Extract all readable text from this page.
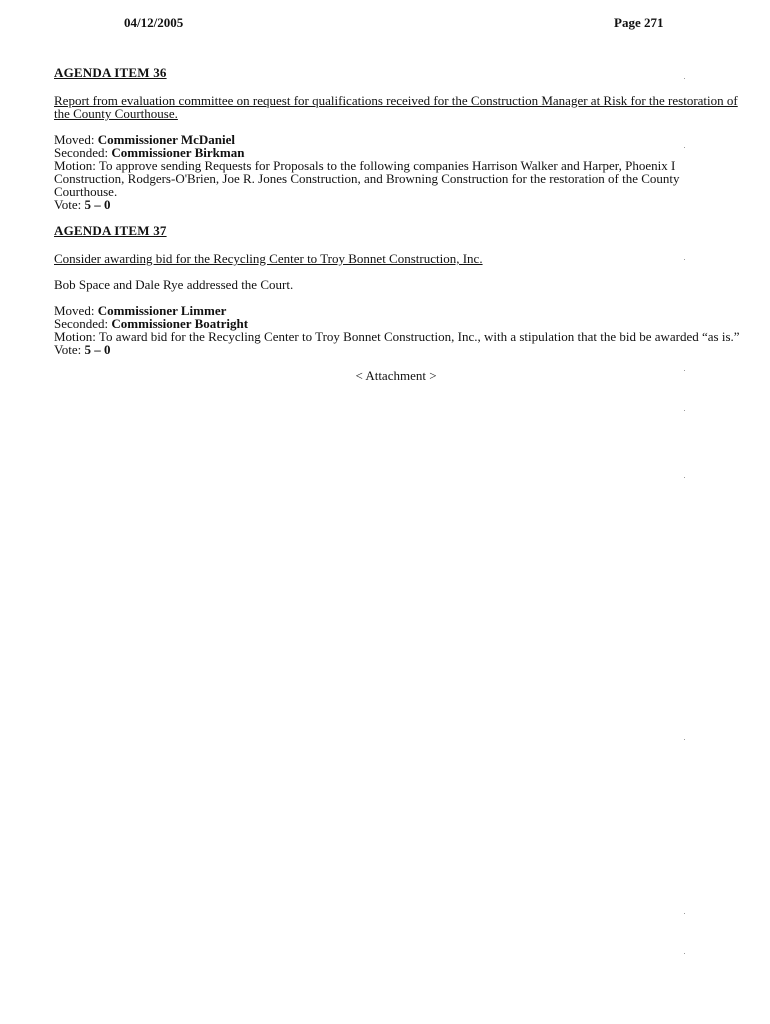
04/12/2005	Page 271
AGENDA ITEM 36
Report from evaluation committee on request for qualifications received for the Construction Manager at Risk for the restoration of the County Courthouse.
Moved: Commissioner McDaniel
Seconded: Commissioner Birkman
Motion: To approve sending Requests for Proposals to the following companies Harrison Walker and Harper, Phoenix I Construction, Rodgers-O'Brien, Joe R. Jones Construction, and Browning Construction for the restoration of the County Courthouse.
Vote: 5 – 0
AGENDA ITEM 37
Consider awarding bid for the Recycling Center to Troy Bonnet Construction, Inc.
Bob Space and Dale Rye addressed the Court.
Moved: Commissioner Limmer
Seconded: Commissioner Boatright
Motion: To award bid for the Recycling Center to Troy Bonnet Construction, Inc., with a stipulation that the bid be awarded “as is.”
Vote: 5 – 0
< Attachment >
